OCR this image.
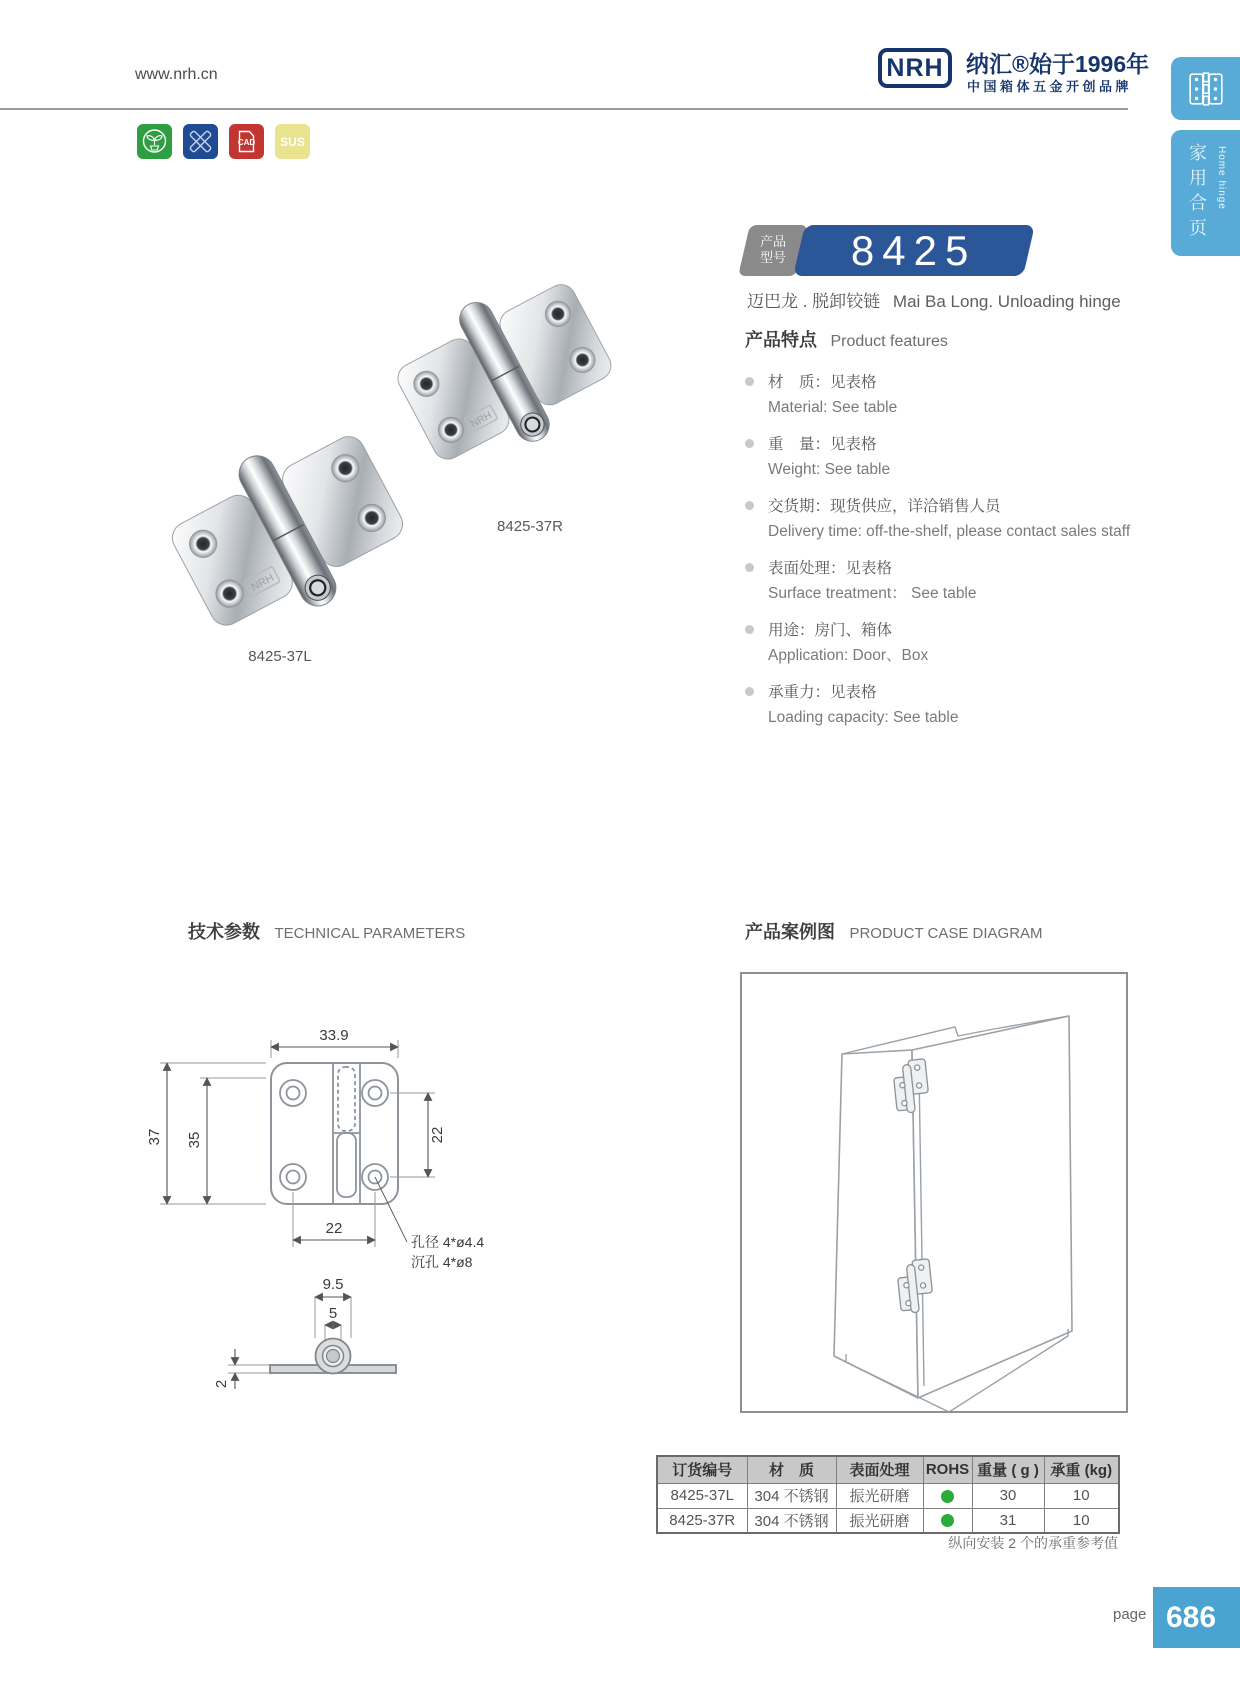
www.nrh.cn	NRH 纳汇®始于1996年
中国箱体五金开创品牌
CAD SUS
家用合页 Home hinge
产品
型号 8425
迈巴龙 . 脱卸铰链 Mai Ba Long. Unloading hinge
产品特点 Product features
材　质：见表格
Material: See table
重　量：见表格
Weight: See table
交货期：现货供应，详洽销售人员
Delivery time: off-the-shelf, please contact sales staff
表面处理：见表格
Surface treatment： See table
用途：房门、箱体
Application: Door、Box
承重力：见表格
Loading capacity: See table
8425-37R
8425-37L
技术参数 TECHNICAL PARAMETERS	产品案例图 PRODUCT CASE DIAGRAM
33.9
37 35	22
22
孔径 4*ø4.4
沉孔 4*ø8
9.5
5
2
订货编号	材　质	表面处理	ROHS	重量 ( g )	承重 (kg)
8425-37L	304 不锈钢	振光研磨		30	10
8425-37R	304 不锈钢	振光研磨		31	10
纵向安装 2 个的承重参考值
page 686
